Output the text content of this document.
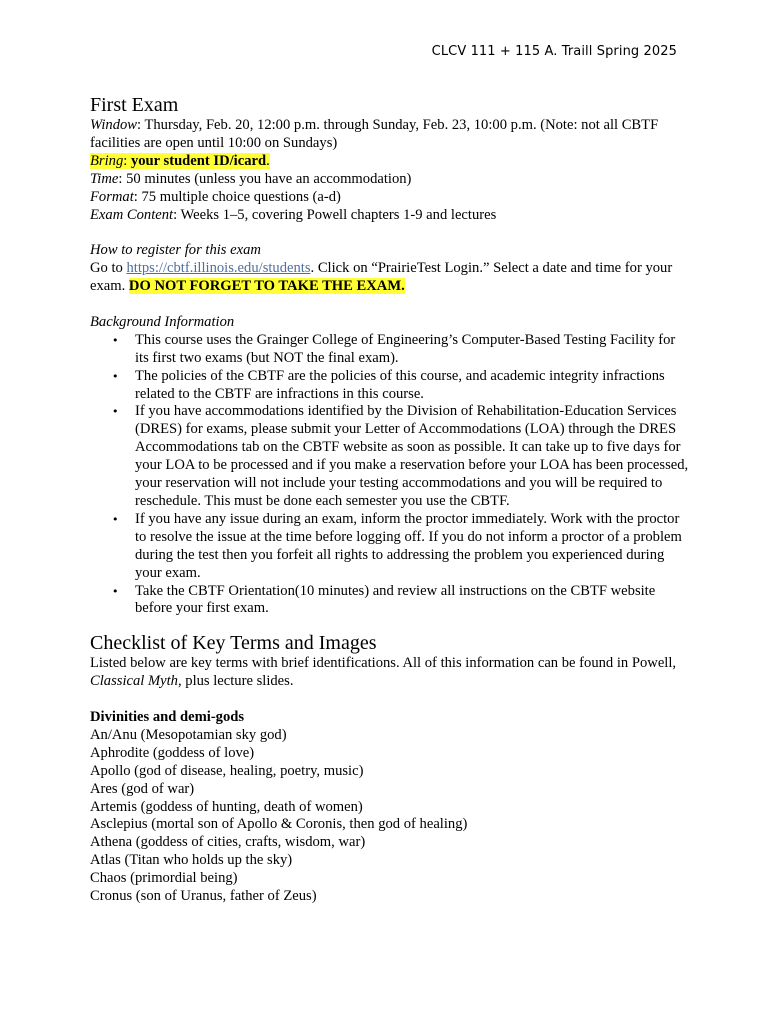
CLCV 111 + 115 A. Traill Spring 2025
First Exam

Window: Thursday, Feb. 20, 12:00 p.m. through Sunday, Feb. 23, 10:00 p.m. (Note: not all CBTF facilities are open until 10:00 on Sundays)

Bring: your student ID/icard.

Time: 50 minutes (unless you have an accommodation)

Format: 75 multiple choice questions (a-d)

Exam Content: Weeks 1–5, covering Powell chapters 1-9 and lectures

How to register for this exam

Go to https://cbtf.illinois.edu/students. Click on “PrairieTest Login.” Select a date and time for your exam. DO NOT FORGET TO TAKE THE EXAM.

Background Information

• This course uses the Grainger College of Engineering’s Computer-Based Testing Facility for its first two exams (but NOT the final exam).
• The policies of the CBTF are the policies of this course, and academic integrity infractions related to the CBTF are infractions in this course.
• If you have accommodations identified by the Division of Rehabilitation-Education Services (DRES) for exams, please submit your Letter of Accommodations (LOA) through the DRES Accommodations tab on the CBTF website as soon as possible. It can take up to five days for your LOA to be processed and if you make a reservation before your LOA has been processed, your reservation will not include your testing accommodations and you will be required to reschedule. This must be done each semester you use the CBTF.
• If you have any issue during an exam, inform the proctor immediately. Work with the proctor to resolve the issue at the time before logging off. If you do not inform a proctor of a problem during the test then you forfeit all rights to addressing the problem you experienced during your exam.
• Take the CBTF Orientation(10 minutes) and review all instructions on the CBTF website before your first exam.
Checklist of Key Terms and Images

Listed below are key terms with brief identifications. All of this information can be found in Powell, Classical Myth, plus lecture slides.

Divinities and demi-gods

An/Anu (Mesopotamian sky god)

Aphrodite (goddess of love)

Apollo (god of disease, healing, poetry, music)

Ares (god of war)

Artemis (goddess of hunting, death of women)

Asclepius (mortal son of Apollo & Coronis, then god of healing)

Athena (goddess of cities, crafts, wisdom, war)

Atlas (Titan who holds up the sky)

Chaos (primordial being)

Cronus (son of Uranus, father of Zeus)
